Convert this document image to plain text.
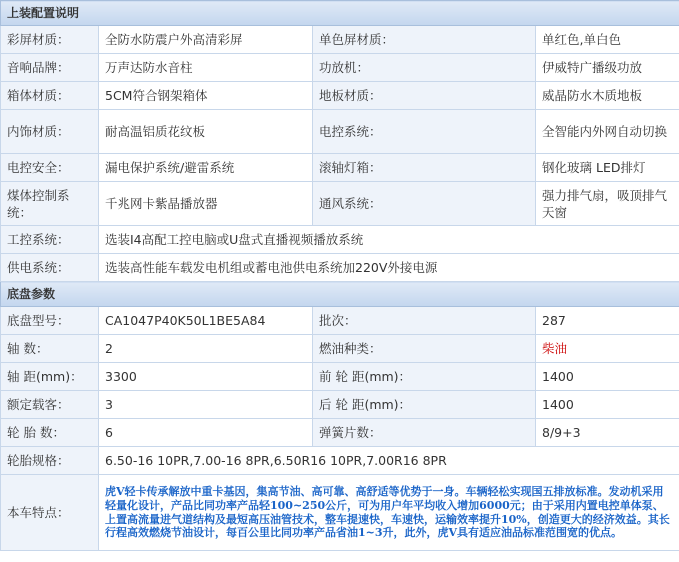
上装配置说明			
彩屏材质：	全防水防震户外高清彩屏	单色屏材质：	单红色,单白色
音响品牌：	万声达防水音柱	功放机：	伊威特广播级功放
箱体材质：	5CM符合钢架箱体	地板材质：	威晶防水木质地板
内饰材质：	耐高温铝质花纹板	电控系统：	全智能内外网自动切换
电控安全：	漏电保护系统/避雷系统	滚轴灯箱：	钢化玻璃 LED排灯
煤体控制系统：	千兆网卡紫晶播放器	通风系统：	强力排气扇，吸顶排气天窗
工控系统：	选装I4高配工控电脑或U盘式直播视频播放系统		
供电系统：	选装高性能车载发电机组或蓄电池供电系统加220V外接电源		
底盘参数			
底盘型号：	CA1047P40K50L1BE5A84	批次：	287
轴 数：	2	燃油种类：	柴油
轴 距(mm)：	3300	前 轮 距(mm)：	1400
额定载客：	3	后 轮 距(mm)：	1400
轮 胎 数：	6	弹簧片数：	8/9+3
轮胎规格：	6.50-16 10PR,7.00-16 8PR,6.50R16 10PR,7.00R16 8PR		
本车特点：	虎V轻卡传承解放中重卡基因，集高节油、高可靠、高舒适等优势于一身。车辆轻松实现国五排放标准。发动机采用轻量化设计，产品比同功率产品轻100~250公斤，可为用户年平均收入增加6000元；由于采用内置电控单体泵、上置高流量进气道结构及最短高压油管技术，整车提速快，车速快，运输效率提升10%，创造更大的经济效益。其长行程高效燃烧节油设计，每百公里比同功率产品省油1~3升，此外，虎V具有适应油品标准范围宽的优点。		
